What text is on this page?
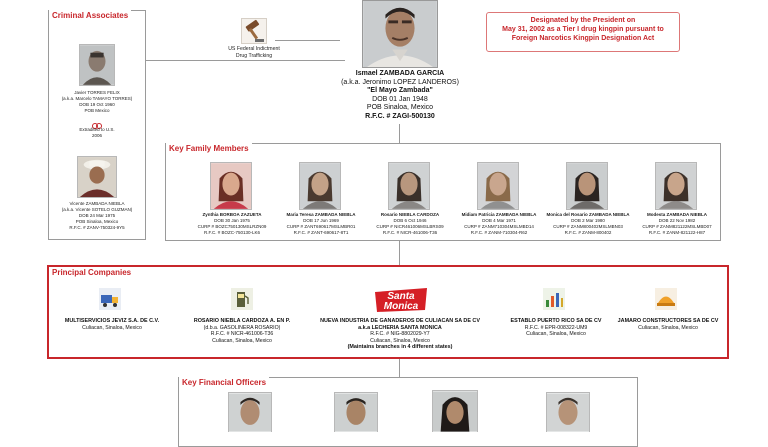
Criminal Associates
Javier TORRES FELIX
(a.k.a. Marcelo TAMAYO TORRES)
DOB 19 Oct 1960
POB Mexico
Extradited to U.S.
2006
Vicente ZAMBADA NIEBLA
(a.k.a. Vicente SOTELO GUZMAN)
DOB 24 Mar 1975
POB Sinaloa, Mexico
R.F.C. # ZANV-750324-9Y5
US Federal Indictment
Drug Trafficking
Ismael ZAMBADA GARCIA
(a.k.a. Jeronimo LOPEZ LANDEROS)
"El Mayo Zambada"
DOB 01 Jan 1948
POB Sinaloa, Mexico
R.F.C. # ZAGI-500130
Designated by the President on
May 31, 2002 as a Tier I drug kingpin pursuant to
Foreign Narcotics Kingpin Designation Act
Key Family Members
Zynthia BORBOA ZAZUETA
DOB 30 Jan 1975
CURP # BOZC750130MSLRZN09
R.F.C. # BOZC-750130-LK6
Maria Teresa ZAMBADA NIEBLA
DOB 17 Jun 1969
CURP # ZANT690617MSLMBR01
R.F.C. # ZANT-690617-8T1
Rosario NIEBLA CARDOZA
DOB 6 Oct 1946
CURP # NICR461006MSLBRS09
R.F.C. # NICR-461006-T36
Midiam Patricia ZAMBADA NIEBLA
DOB 4 Mar 1971
CURP # ZANM710304MSLMBD14
R.F.C. # ZANM-710304-R62
Monica del Rosario ZAMBADA NIEBLA
DOB 2 Mar 1980
CURP # ZANM800402MSLMBN03
R.F.C. # ZANM-800402
Modesta ZAMBADA NIEBLA
DOB 22 Nov 1982
CURP # ZANM821122MSLMBD07
R.F.C. # ZANM-821122-H87
Principal Companies
Santa
Monica
MULTISERVICIOS JEVIZ S.A. DE C.V.
Culiacan, Sinaloa, Mexico
ROSARIO NIEBLA CARDOZA A. EN P.
(d.b.a. GASOLINERA ROSARIO)
R.F.C. # NICR-461006-T36
Culiacan, Sinaloa, Mexico
NUEVA INDUSTRIA DE GANADEROS DE CULIACAN SA DE CV
a.k.a LECHERIA SANTA MONICA
R.F.C. # NIG-8802029-Y7
Culiacan, Sinaloa, Mexico
(Maintains branches in 4 different states)
ESTABLO PUERTO RICO SA DE CV
R.F.C. # EPR-008322-UM9
Culiacan, Sinaloa, Mexico
JAMARO CONSTRUCTORES SA DE CV
Culiacan, Sinaloa, Mexico
Key Financial Officers
